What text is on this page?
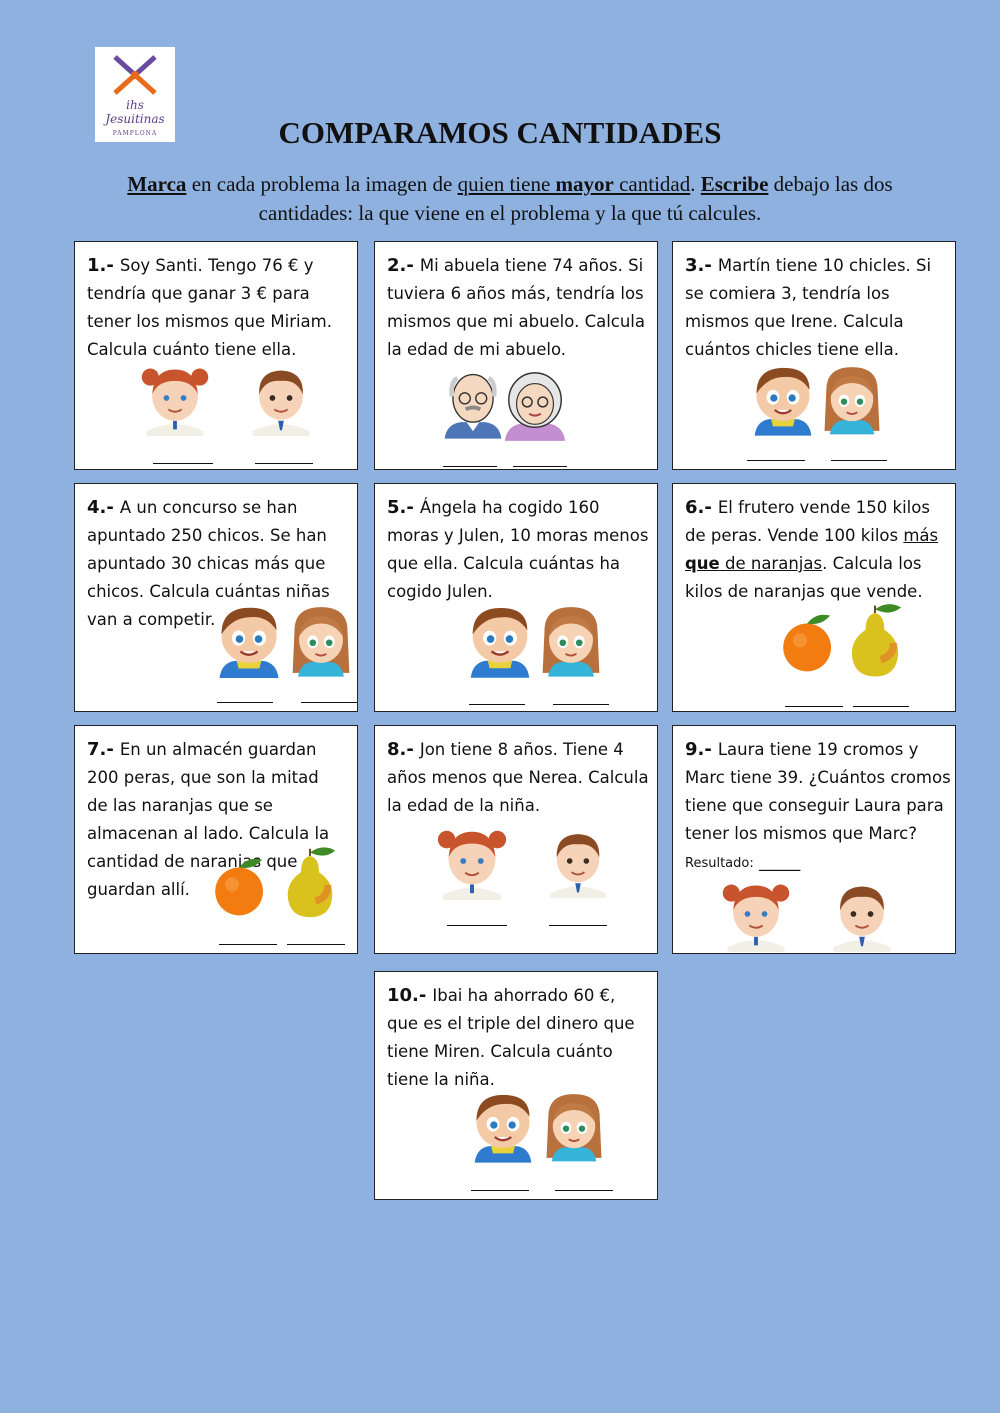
ihs Jesuitinas
PAMPLONA	COMPARAMOS CANTIDADES
Marca en cada problema la imagen de quien tiene mayor cantidad. Escribe debajo las dos cantidades: la que viene en el problema y la que tú calcules.
1.- Soy Santi. Tengo 76 € y tendría que ganar 3 € para tener los mismos que Miriam. Calcula cuánto tiene ella.
2.- Mi abuela tiene 74 años. Si tuviera 6 años más, tendría los mismos que mi abuelo. Calcula la edad de mi abuelo.
3.- Martín tiene 10 chicles. Si se comiera 3, tendría los mismos que Irene. Calcula cuántos chicles tiene ella.
4.- A un concurso se han apuntado 250 chicos. Se han apuntado 30 chicas más que chicos. Calcula cuántas niñas van a competir.
5.- Ángela ha cogido 160 moras y Julen, 10 moras menos que ella. Calcula cuántas ha cogido Julen.
6.- El frutero vende 150 kilos de peras. Vende 100 kilos más que de naranjas. Calcula los kilos de naranjas que vende.
7.- En un almacén guardan 200 peras, que son la mitad de las naranjas que se almacenan al lado. Calcula la cantidad de naranjas que guardan allí.
8.- Jon tiene 8 años. Tiene 4 años menos que Nerea. Calcula la edad de la niña.
9.- Laura tiene 19 cromos y Marc tiene 39. ¿Cuántos cromos tiene que conseguir Laura para tener los mismos que Marc? Resultado: _____
10.- Ibai ha ahorrado 60 €, que es el triple del dinero que tiene Miren. Calcula cuánto tiene la niña.
